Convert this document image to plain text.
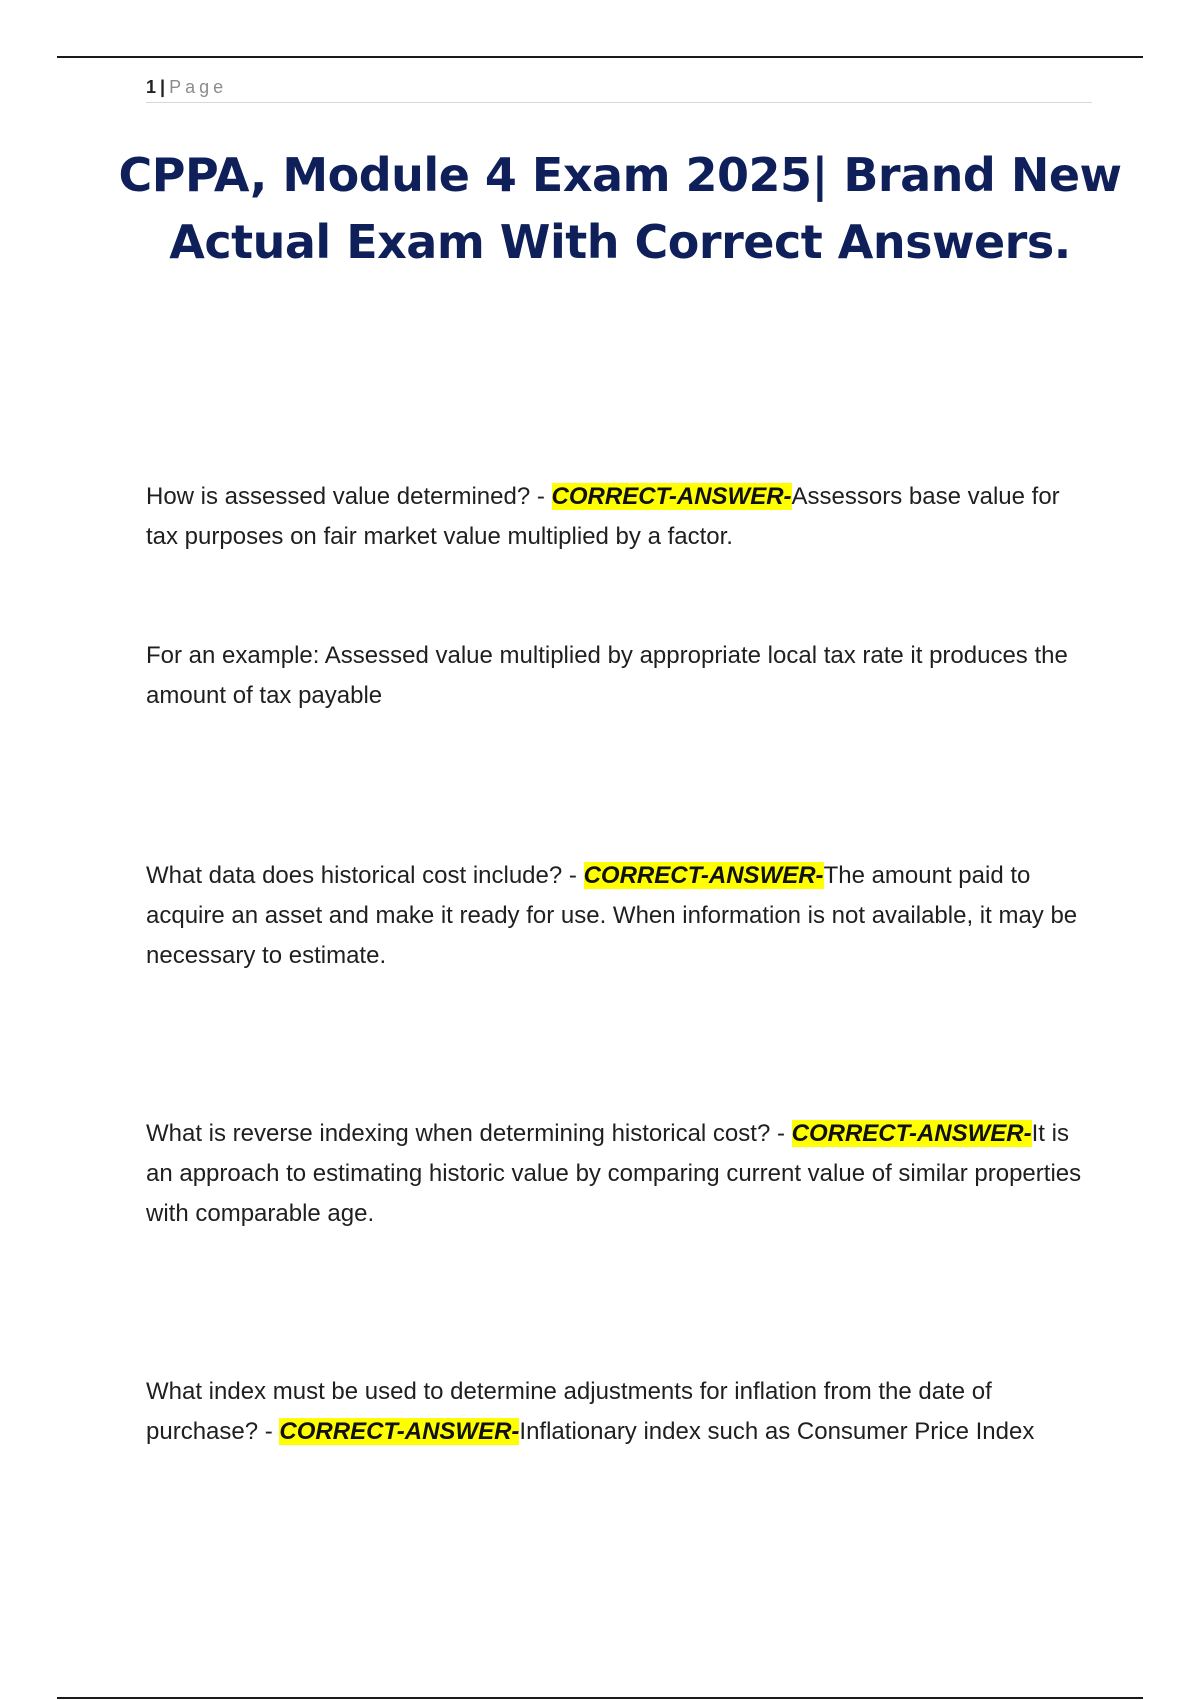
1 | Page
CPPA, Module 4 Exam 2025| Brand New Actual Exam With Correct Answers.

How is assessed value determined? - CORRECT-ANSWER-Assessors base value for tax purposes on fair market value multiplied by a factor.

For an example: Assessed value multiplied by appropriate local tax rate it produces the amount of tax payable

What data does historical cost include? - CORRECT-ANSWER-The amount paid to acquire an asset and make it ready for use. When information is not available, it may be necessary to estimate.

What is reverse indexing when determining historical cost? - CORRECT-ANSWER-It is an approach to estimating historic value by comparing current value of similar properties with comparable age.

What index must be used to determine adjustments for inflation from the date of purchase? - CORRECT-ANSWER-Inflationary index such as Consumer Price Index
